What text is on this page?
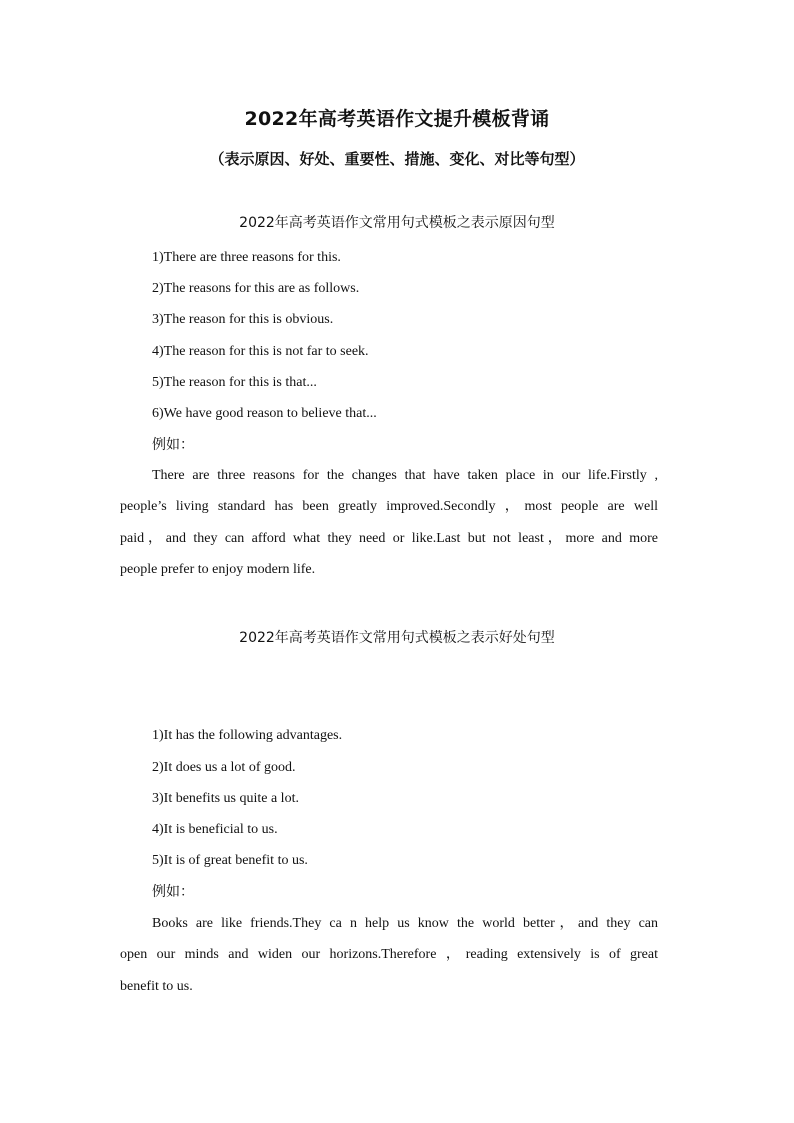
2022年高考英语作文提升模板背诵
（表示原因、好处、重要性、措施、变化、对比等句型）
2022年高考英语作文常用句式模板之表示原因句型
1)There are three reasons for this.
2)The reasons for this are as follows.
3)The reason for this is obvious.
4)The reason for this is not far to seek.
5)The reason for this is that...
6)We have good reason to believe that...
例如：
There are three reasons for the changes that have taken place in our life.Firstly ,
people’s living standard has been greatly improved.Secondly ，most people are well
paid，and they can afford what they need or like.Last but not least，more and more
people prefer to enjoy modern life.
2022年高考英语作文常用句式模板之表示好处句型
1)It has the following advantages.
2)It does us a lot of good.
3)It benefits us quite a lot.
4)It is beneficial to us.
5)It is of great benefit to us.
例如：
Books are like friends.They ca n help us know the world better，and they can
open our minds and widen our horizons.Therefore ，reading extensively is of great
benefit to us.
